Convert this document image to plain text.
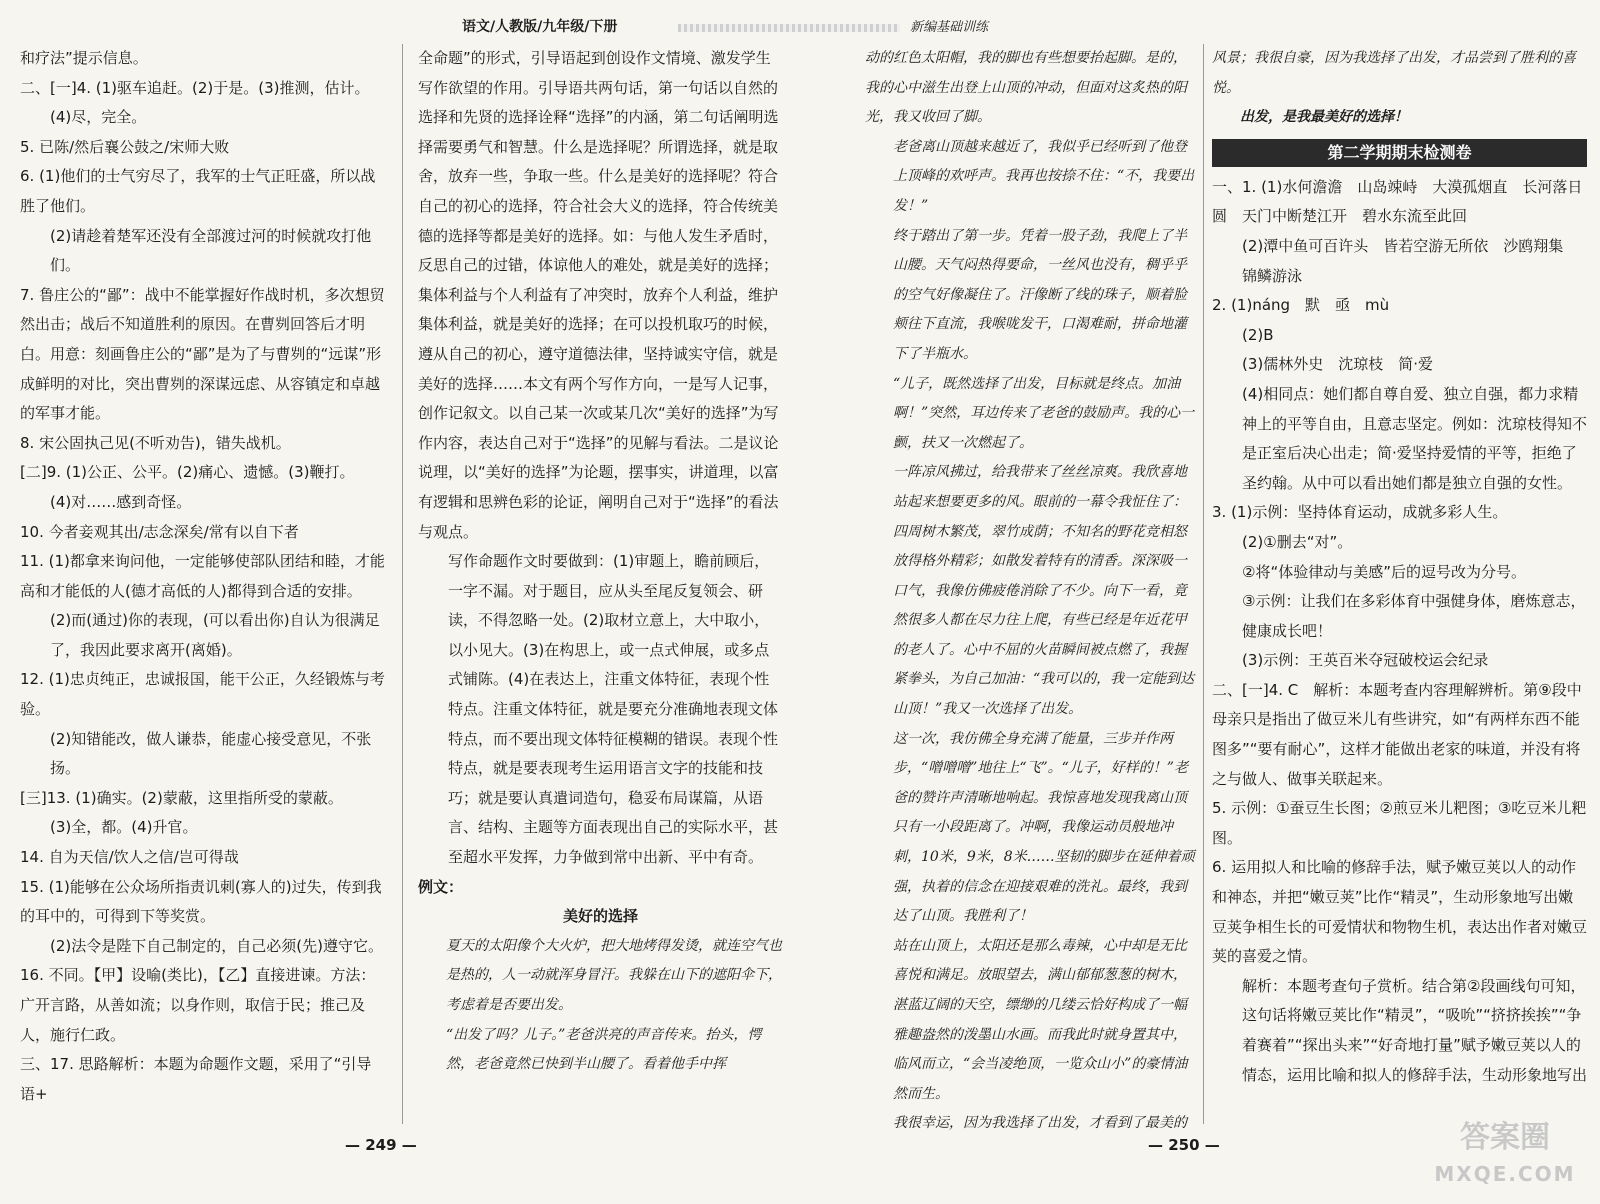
语文/人教版/九年级/下册	新编基础训练

和疗法”提示信息。

二、[一]4. (1)驱车追赶。(2)于是。(3)推测，估计。

(4)尽，完全。

5. 已陈/然后襄公鼓之/宋师大败

6. (1)他们的士气穷尽了，我军的士气正旺盛，所以战胜了他们。

(2)请趁着楚军还没有全部渡过河的时候就攻打他们。

7. 鲁庄公的“鄙”：战中不能掌握好作战时机，多次想贸然出击；战后不知道胜利的原因。在曹刿回答后才明白。用意：刻画鲁庄公的“鄙”是为了与曹刿的“远谋”形成鲜明的对比，突出曹刿的深谋远虑、从容镇定和卓越的军事才能。

8. 宋公固执己见(不听劝告)，错失战机。

[二]9. (1)公正、公平。(2)痛心、遗憾。(3)鞭打。

(4)对……感到奇怪。

10. 今者妾观其出/志念深矣/常有以自下者

11. (1)都拿来询问他，一定能够使部队团结和睦，才能高和才能低的人(德才高低的人)都得到合适的安排。

(2)而(通过)你的表现，(可以看出你)自认为很满足了，我因此要求离开(离婚)。

12. (1)忠贞纯正，忠诚报国，能干公正，久经锻炼与考验。

(2)知错能改，做人谦恭，能虚心接受意见，不张扬。

[三]13. (1)确实。(2)蒙蔽，这里指所受的蒙蔽。

(3)全，都。(4)升官。

14. 自为天信/饮人之信/岂可得哉

15. (1)能够在公众场所指责讥刺(寡人的)过失，传到我的耳中的，可得到下等奖赏。

(2)法令是陛下自己制定的，自己必须(先)遵守它。

16. 不同。【甲】设喻(类比)，【乙】直接进谏。方法：广开言路，从善如流；以身作则，取信于民；推己及人，施行仁政。

三、17. 思路解析：本题为命题作文题，采用了“引导语+

全命题”的形式，引导语起到创设作文情境、激发学生写作欲望的作用。引导语共两句话，第一句话以自然的选择和先贤的选择诠释“选择”的内涵，第二句话阐明选择需要勇气和智慧。什么是选择呢？所谓选择，就是取舍，放弃一些，争取一些。什么是美好的选择呢？符合自己的初心的选择，符合社会大义的选择，符合传统美德的选择等都是美好的选择。如：与他人发生矛盾时，反思自己的过错，体谅他人的难处，就是美好的选择；集体利益与个人利益有了冲突时，放弃个人利益，维护集体利益，就是美好的选择；在可以投机取巧的时候，遵从自己的初心，遵守道德法律，坚持诚实守信，就是美好的选择……本文有两个写作方向，一是写人记事，创作记叙文。以自己某一次或某几次“美好的选择”为写作内容，表达自己对于“选择”的见解与看法。二是议论说理，以“美好的选择”为论题，摆事实，讲道理，以富有逻辑和思辨色彩的论证，阐明自己对于“选择”的看法与观点。

写作命题作文时要做到：(1)审题上，瞻前顾后，一字不漏。对于题目，应从头至尾反复领会、研读，不得忽略一处。(2)取材立意上，大中取小，以小见大。(3)在构思上，或一点式伸展，或多点式铺陈。(4)在表达上，注重文体特征，表现个性特点。注重文体特征，就是要充分准确地表现文体特点，而不要出现文体特征模糊的错误。表现个性特点，就是要表现考生运用语言文字的技能和技巧；就是要认真遣词造句，稳妥布局谋篇，从语言、结构、主题等方面表现出自己的实际水平，甚至超水平发挥，力争做到常中出新、平中有奇。

例文：

美好的选择

夏天的太阳像个大火炉，把大地烤得发烫，就连空气也是热的，人一动就浑身冒汗。我躲在山下的遮阳伞下，考虑着是否要出发。

“出发了吗？儿子。”老爸洪亮的声音传来。抬头，愕然，老爸竟然已快到半山腰了。看着他手中挥

动的红色太阳帽，我的脚也有些想要抬起脚。是的，我的心中滋生出登上山顶的冲动，但面对这炙热的阳光，我又收回了脚。

老爸离山顶越来越近了，我似乎已经听到了他登上顶峰的欢呼声。我再也按捺不住：“不，我要出发！”

终于踏出了第一步。凭着一股子劲，我爬上了半山腰。天气闷热得要命，一丝风也没有，稠乎乎的空气好像凝住了。汗像断了线的珠子，顺着脸颊往下直流，我喉咙发干，口渴难耐，拼命地灌下了半瓶水。

“儿子，既然选择了出发，目标就是终点。加油啊！”突然，耳边传来了老爸的鼓励声。我的心一颤，扶又一次燃起了。

一阵凉风拂过，给我带来了丝丝凉爽。我欣喜地站起来想要更多的风。眼前的一幕令我怔住了：四周树木繁茂，翠竹成荫；不知名的野花竞相怒放得格外精彩；如散发着特有的清香。深深吸一口气，我像仿佛疲倦消除了不少。向下一看，竟然很多人都在尽力往上爬，有些已经是年近花甲的老人了。心中不屈的火苗瞬间被点燃了，我握紧拳头，为自己加油：“我可以的，我一定能到达山顶！”我又一次选择了出发。

这一次，我仿佛全身充满了能量，三步并作两步，“噌噌噌”地往上“飞”。“儿子，好样的！”老爸的赞许声清晰地响起。我惊喜地发现我离山顶只有一小段距离了。冲啊，我像运动员般地冲刺，10米，9米，8米……坚韧的脚步在延伸着顽强，执着的信念在迎接艰难的洗礼。最终，我到达了山顶。我胜利了！

站在山顶上，太阳还是那么毒辣，心中却是无比喜悦和满足。放眼望去，满山郁郁葱葱的树木，湛蓝辽阔的天空，缥缈的几缕云恰好构成了一幅雅趣盎然的泼墨山水画。而我此时就身置其中，临风而立，“会当凌绝顶，一览众山小”的豪情油然而生。

我很幸运，因为我选择了出发，才看到了最美的

风景；我很自豪，因为我选择了出发，才品尝到了胜利的喜悦。

出发，是我最美好的选择！

第二学期期末检测卷

一、1. (1)水何澹澹　山岛竦峙　大漠孤烟直　长河落日圆　天门中断楚江开　碧水东流至此回

(2)潭中鱼可百许头　皆若空游无所依　沙鸥翔集　锦鳞游泳

2. (1)náng　默　亟　mù

(2)B

(3)儒林外史　沈琼枝　简·爱

(4)相同点：她们都自尊自爱、独立自强，都力求精神上的平等自由，且意志坚定。例如：沈琼枝得知不是正室后决心出走；简·爱坚持爱情的平等，拒绝了圣约翰。从中可以看出她们都是独立自强的女性。

3. (1)示例：坚持体育运动，成就多彩人生。

(2)①删去“对”。

②将“体验律动与美感”后的逗号改为分号。

③示例：让我们在多彩体育中强健身体，磨炼意志，健康成长吧！

(3)示例：王英百米夺冠破校运会纪录

二、[一]4. C　解析：本题考查内容理解辨析。第⑨段中母亲只是指出了做豆米儿有些讲究，如“有两样东西不能图多”“要有耐心”，这样才能做出老家的味道，并没有将之与做人、做事关联起来。

5. 示例：①蚕豆生长图；②煎豆米儿粑图；③吃豆米儿粑图。

6. 运用拟人和比喻的修辞手法，赋予嫩豆荚以人的动作和神态，并把“嫩豆荚”比作“精灵”，生动形象地写出嫩豆荚争相生长的可爱情状和物物生机，表达出作者对嫩豆荚的喜爱之情。

解析：本题考查句子赏析。结合第②段画线句可知，这句话将嫩豆荚比作“精灵”，“吸吮”“挤挤挨挨”“争着赛着”“探出头来”“好奇地打量”赋予嫩豆荚以人的情态，运用比喻和拟人的修辞手法，生动形象地写出

— 249 —	— 250 —	答案圈
MXQE.COM
